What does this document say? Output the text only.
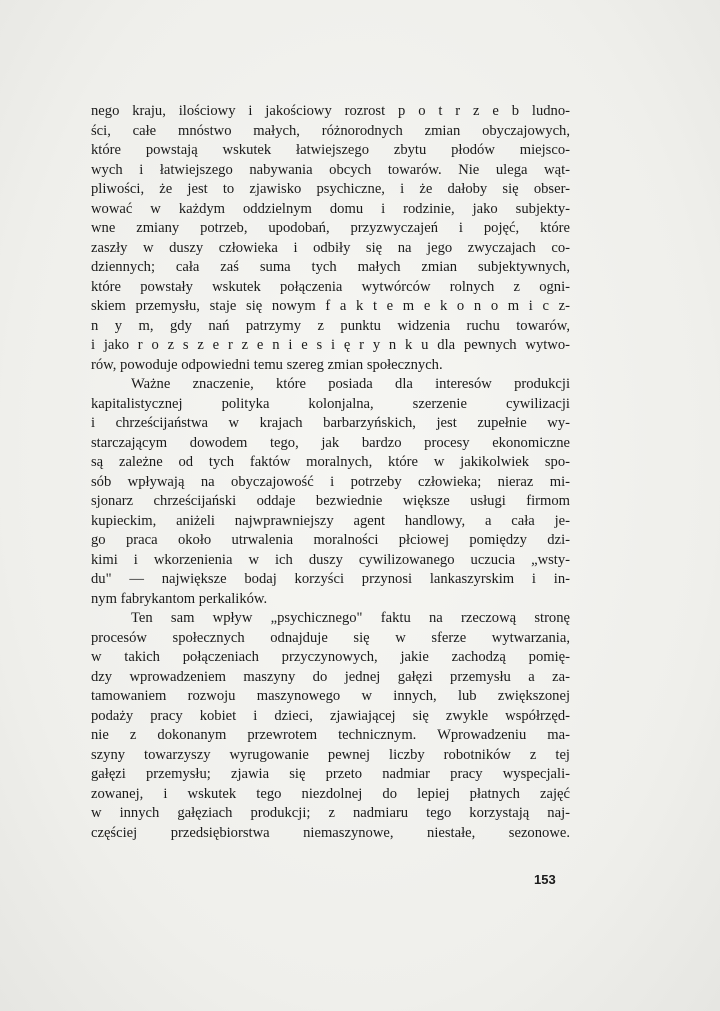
nego kraju, ilościowy i jakościowy rozrost p o t r z e b ludno-
ści, całe mnóstwo małych, różnorodnych zmian obyczajowych,
które powstają wskutek łatwiejszego zbytu płodów miejsco-
wych i łatwiejszego nabywania obcych towarów. Nie ulega wąt-
pliwości, że jest to zjawisko psychiczne, i że dałoby się obser-
wować w każdym oddzielnym domu i rodzinie, jako subjekty-
wne zmiany potrzeb, upodobań, przyzwyczajeń i pojęć, które
zaszły w duszy człowieka i odbiły się na jego zwyczajach co-
dziennych; cała zaś suma tych małych zmian subjektywnych,
które powstały wskutek połączenia wytwórców rolnych z ogni-
skiem przemysłu, staje się nowym f a k t e m e k o n o m i c z-
n y m, gdy nań patrzymy z punktu widzenia ruchu towarów,
i jako r o z s z e r z e n i e s i ę r y n k u dla pewnych wytwo-
rów, powoduje odpowiedni temu szereg zmian społecznych.
Ważne znaczenie, które posiada dla interesów produkcji
kapitalistycznej polityka kolonjalna, szerzenie cywilizacji
i chrześcijaństwa w krajach barbarzyńskich, jest zupełnie wy-
starczającym dowodem tego, jak bardzo procesy ekonomiczne
są zależne od tych faktów moralnych, które w jakikolwiek spo-
sób wpływają na obyczajowość i potrzeby człowieka; nieraz mi-
sjonarz chrześcijański oddaje bezwiednie większe usługi firmom
kupieckim, aniżeli najwprawniejszy agent handlowy, a cała je-
go praca około utrwalenia moralności płciowej pomiędzy dzi-
kimi i wkorzenienia w ich duszy cywilizowanego uczucia „wsty-
du" — największe bodaj korzyści przynosi lankaszyrskim i in-
nym fabrykantom perkalików.
Ten sam wpływ „psychicznego" faktu na rzeczową stronę
procesów społecznych odnajduje się w sferze wytwarzania,
w takich połączeniach przyczynowych, jakie zachodzą pomię-
dzy wprowadzeniem maszyny do jednej gałęzi przemysłu a za-
tamowaniem rozwoju maszynowego w innych, lub zwiększonej
podaży pracy kobiet i dzieci, zjawiającej się zwykle współrzęd-
nie z dokonanym przewrotem technicznym. Wprowadzeniu ma-
szyny towarzyszy wyrugowanie pewnej liczby robotników z tej
gałęzi przemysłu; zjawia się przeto nadmiar pracy wyspecjali-
zowanej, i wskutek tego niezdolnej do lepiej płatnych zajęć
w innych gałęziach produkcji; z nadmiaru tego korzystają naj-
częściej przedsiębiorstwa niemaszynowe, niestałe, sezonowe.
153
